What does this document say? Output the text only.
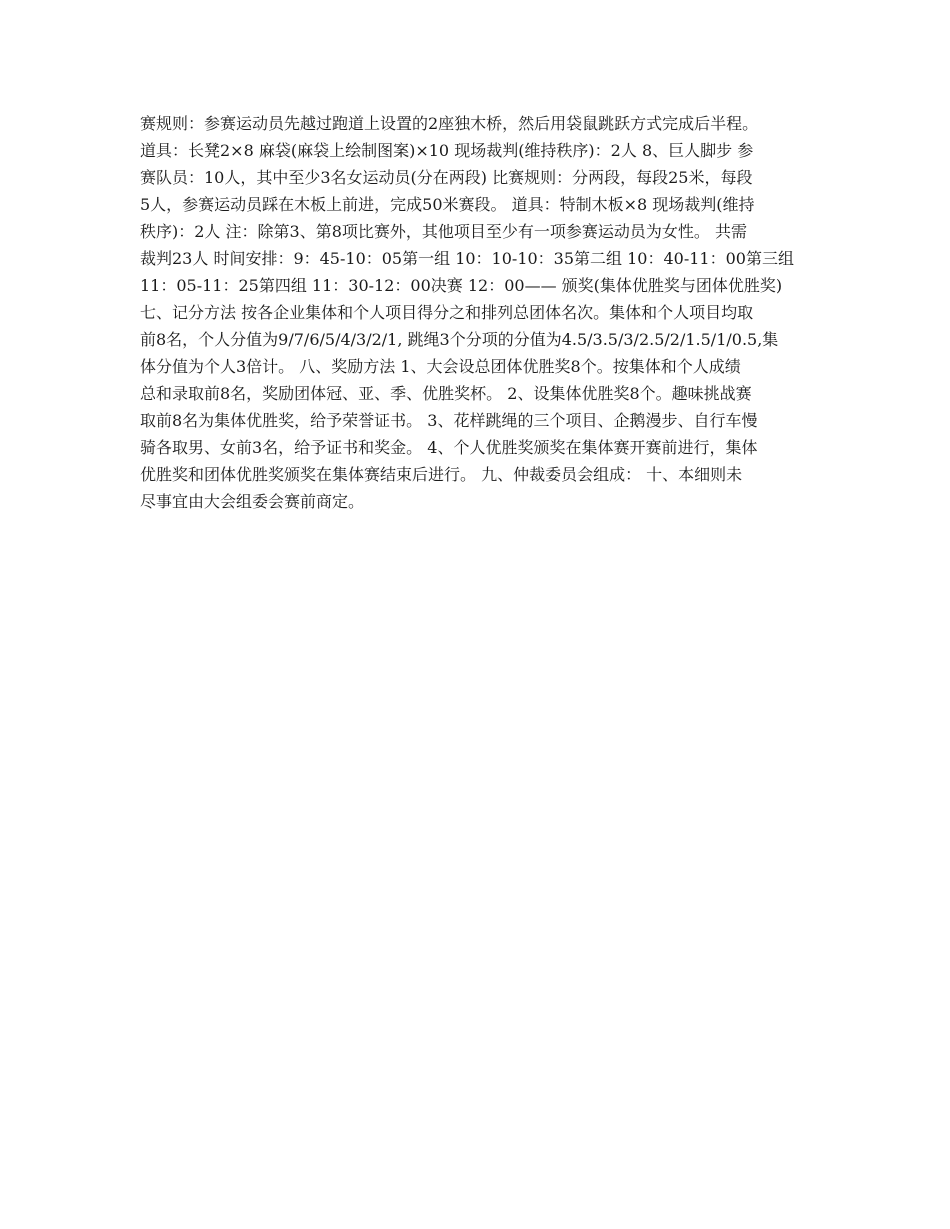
赛规则：参赛运动员先越过跑道上设置的2座独木桥，然后用袋鼠跳跃方式完成后半程。
道具：长凳2×8 麻袋(麻袋上绘制图案)×10 现场裁判(维持秩序)：2人 8、巨人脚步 参
赛队员：10人，其中至少3名女运动员(分在两段) 比赛规则：分两段，每段25米，每段
5人，参赛运动员踩在木板上前进，完成50米赛段。 道具：特制木板×8 现场裁判(维持
秩序)：2人 注：除第3、第8项比赛外，其他项目至少有一项参赛运动员为女性。 共需
裁判23人 时间安排：9：45-10：05第一组 10：10-10：35第二组 10：40-11：00第三组
11：05-11：25第四组 11：30-12：00决赛 12：00—— 颁奖(集体优胜奖与团体优胜奖)
七、记分方法 按各企业集体和个人项目得分之和排列总团体名次。集体和个人项目均取
前8名，个人分值为9/7/6/5/4/3/2/1, 跳绳3个分项的分值为4.5/3.5/3/2.5/2/1.5/1/0.5,集
体分值为个人3倍计。 八、奖励方法 1、大会设总团体优胜奖8个。按集体和个人成绩
总和录取前8名，奖励团体冠、亚、季、优胜奖杯。 2、设集体优胜奖8个。趣味挑战赛
取前8名为集体优胜奖，给予荣誉证书。 3、花样跳绳的三个项目、企鹅漫步、自行车慢
骑各取男、女前3名，给予证书和奖金。 4、个人优胜奖颁奖在集体赛开赛前进行，集体
优胜奖和团体优胜奖颁奖在集体赛结束后进行。 九、仲裁委员会组成： 十、本细则未
尽事宜由大会组委会赛前商定。
